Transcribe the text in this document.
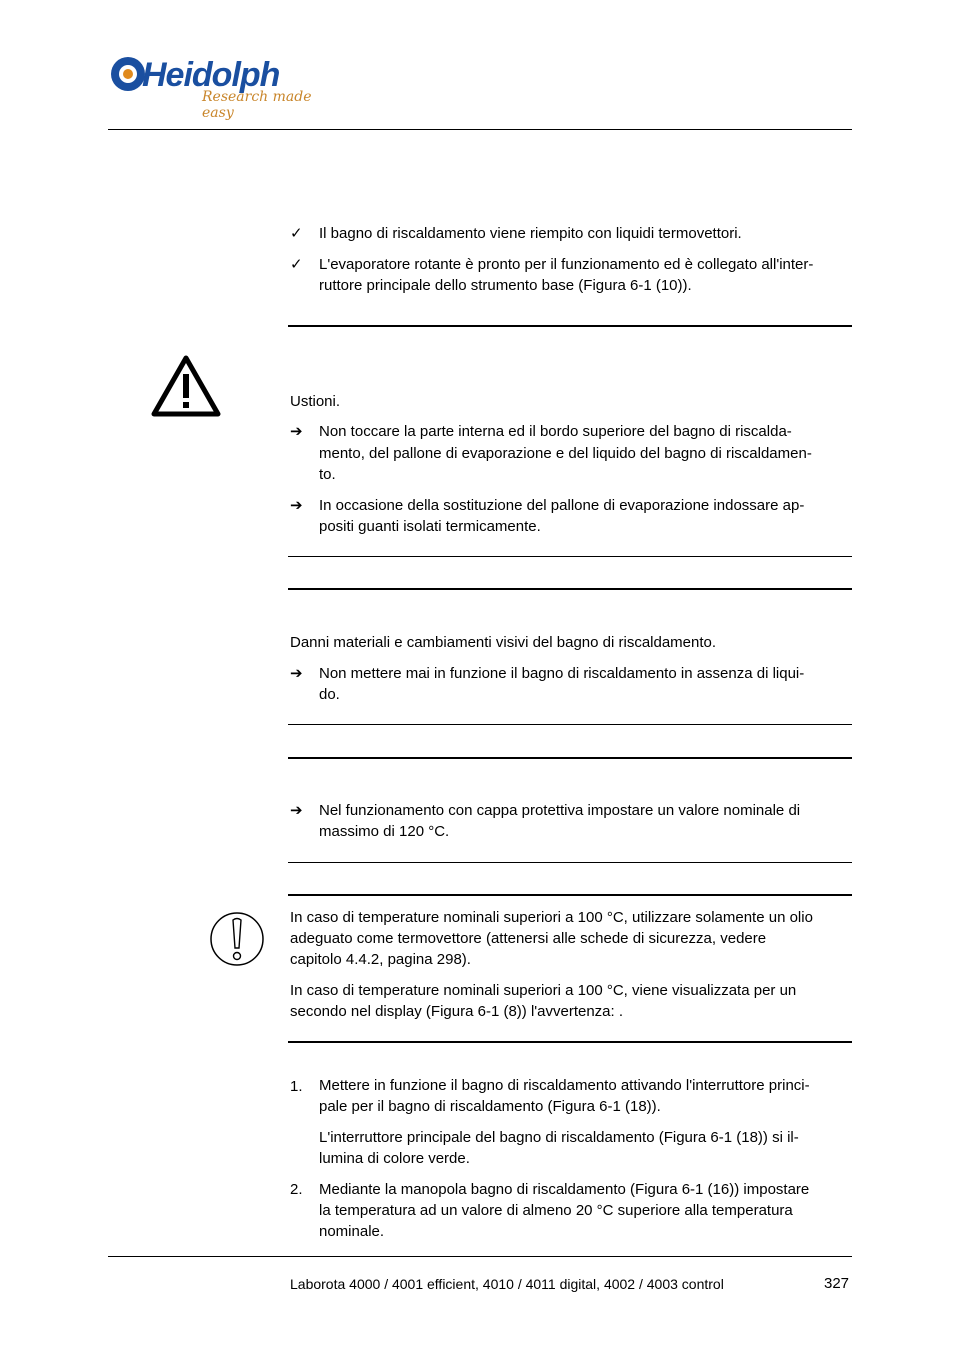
Heidolph
Research made easy
✓	Il bagno di riscaldamento viene riempito con liquidi termovettori.
✓	L'evaporatore rotante è pronto per il funzionamento ed è collegato all'inter-
ruttore principale dello strumento base (Figura 6-1 (10)).
Ustioni.
➔	Non toccare la parte interna ed il bordo superiore del bagno di riscalda-
mento, del pallone di evaporazione e del liquido del bagno di riscaldamen-
to.
➔	In occasione della sostituzione del pallone di evaporazione indossare ap-
positi guanti isolati termicamente.
Danni materiali e cambiamenti visivi del bagno di riscaldamento.
➔	Non mettere mai in funzione il bagno di riscaldamento in assenza di liqui-
do.
➔	Nel funzionamento con cappa protettiva impostare un valore nominale di
massimo di 120 °C.
In caso di temperature nominali superiori a 100 °C, utilizzare solamente un olio
adeguato come termovettore (attenersi alle schede di sicurezza, vedere
capitolo 4.4.2, pagina 298).
In caso di temperature nominali superiori a 100 °C, viene visualizzata per un
secondo nel display (Figura 6-1 (8)) l'avvertenza: .
1.	Mettere in funzione il bagno di riscaldamento attivando l'interruttore princi-
pale per il bagno di riscaldamento (Figura 6-1 (18)).
L'interruttore principale del bagno di riscaldamento (Figura 6-1 (18)) si il-
lumina di colore verde.
2.	Mediante la manopola bagno di riscaldamento (Figura 6-1 (16)) impostare
la temperatura ad un valore di almeno 20 °C superiore alla temperatura
nominale.
Laborota 4000 / 4001 efficient, 4010 / 4011 digital, 4002 / 4003 control	327
